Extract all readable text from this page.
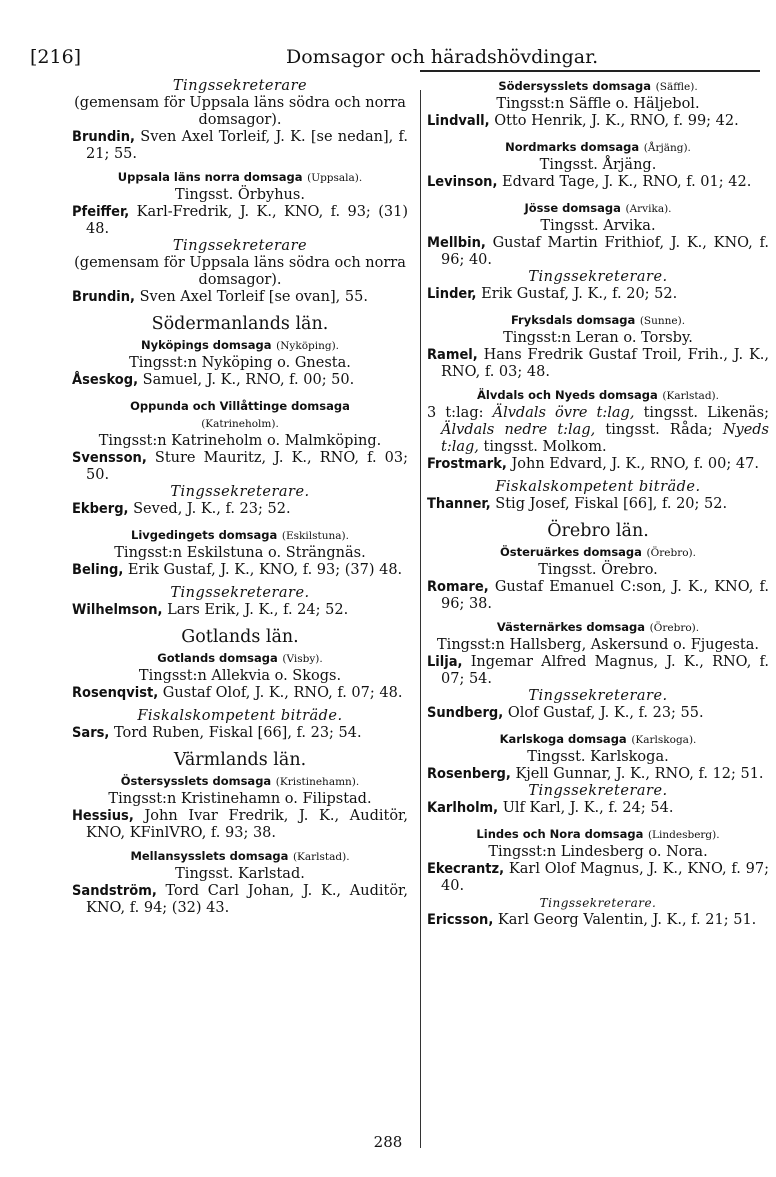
[216]	Domsagor och häradshövdingar.
Tingssekreterare
(gemensam för Uppsala läns södra och norra domsagor).
Brundin, Sven Axel Torleif, J. K. [se nedan], f. 21; 55.
Uppsala läns norra domsaga (Uppsala).
Tingsst. Örbyhus.
Pfeiffer, Karl-Fredrik, J. K., KNO, f. 93; (31) 48.
Tingssekreterare
(gemensam för Uppsala läns södra och norra domsagor).
Brundin, Sven Axel Torleif [se ovan], 55.
Södermanlands län.
Nyköpings domsaga (Nyköping).
Tingsst:n Nyköping o. Gnesta.
Åseskog, Samuel, J. K., RNO, f. 00; 50.
Oppunda och Villåttinge domsaga
(Katrineholm).
Tingsst:n Katrineholm o. Malmköping.
Svensson, Sture Mauritz, J. K., RNO, f. 03; 50.
Tingssekreterare.
Ekberg, Seved, J. K., f. 23; 52.
Livgedingets domsaga (Eskilstuna).
Tingsst:n Eskilstuna o. Strängnäs.
Beling, Erik Gustaf, J. K., KNO, f. 93; (37) 48.
Tingssekreterare.
Wilhelmson, Lars Erik, J. K., f. 24; 52.
Gotlands län.
Gotlands domsaga (Visby).
Tingsst:n Allekvia o. Skogs.
Rosenqvist, Gustaf Olof, J. K., RNO, f. 07; 48.
Fiskalskompetent biträde.
Sars, Tord Ruben, Fiskal [66], f. 23; 54.
Värmlands län.
Östersysslets domsaga (Kristinehamn).
Tingsst:n Kristinehamn o. Filipstad.
Hessius, John Ivar Fredrik, J. K., Auditör, KNO, KFinlVRO, f. 93; 38.
Mellansysslets domsaga (Karlstad).
Tingsst. Karlstad.
Sandström, Tord Carl Johan, J. K., Auditör, KNO, f. 94; (32) 43.
Södersysslets domsaga (Säffle).
Tingsst:n Säffle o. Häljebol.
Lindvall, Otto Henrik, J. K., RNO, f. 99; 42.
Nordmarks domsaga (Årjäng).
Tingsst. Årjäng.
Levinson, Edvard Tage, J. K., RNO, f. 01; 42.
Jösse domsaga (Arvika).
Tingsst. Arvika.
Mellbin, Gustaf Martin Frithiof, J. K., KNO, f. 96; 40.
Tingssekreterare.
Linder, Erik Gustaf, J. K., f. 20; 52.
Fryksdals domsaga (Sunne).
Tingsst:n Leran o. Torsby.
Ramel, Hans Fredrik Gustaf Troil, Frih., J. K., RNO, f. 03; 48.
Älvdals och Nyeds domsaga (Karlstad).
3 t:lag: Älvdals övre t:lag, tingsst. Likenäs; Älvdals nedre t:lag, tingsst. Råda; Nyeds t:lag, tingsst. Molkom.
Frostmark, John Edvard, J. K., RNO, f. 00; 47.
Fiskalskompetent biträde.
Thanner, Stig Josef, Fiskal [66], f. 20; 52.
Örebro län.
Österuärkes domsaga (Örebro).
Tingsst. Örebro.
Romare, Gustaf Emanuel C:son, J. K., KNO, f. 96; 38.
Västernärkes domsaga (Örebro).
Tingsst:n Hallsberg, Askersund o. Fjugesta.
Lilja, Ingemar Alfred Magnus, J. K., RNO, f. 07; 54.
Tingssekreterare.
Sundberg, Olof Gustaf, J. K., f. 23; 55.
Karlskoga domsaga (Karlskoga).
Tingsst. Karlskoga.
Rosenberg, Kjell Gunnar, J. K., RNO, f. 12; 51.
Tingssekreterare.
Karlholm, Ulf Karl, J. K., f. 24; 54.
Lindes och Nora domsaga (Lindesberg).
Tingsst:n Lindesberg o. Nora.
Ekecrantz, Karl Olof Magnus, J. K., KNO, f. 97; 40.
Tingssekreterare.
Ericsson, Karl Georg Valentin, J. K., f. 21; 51.
288
